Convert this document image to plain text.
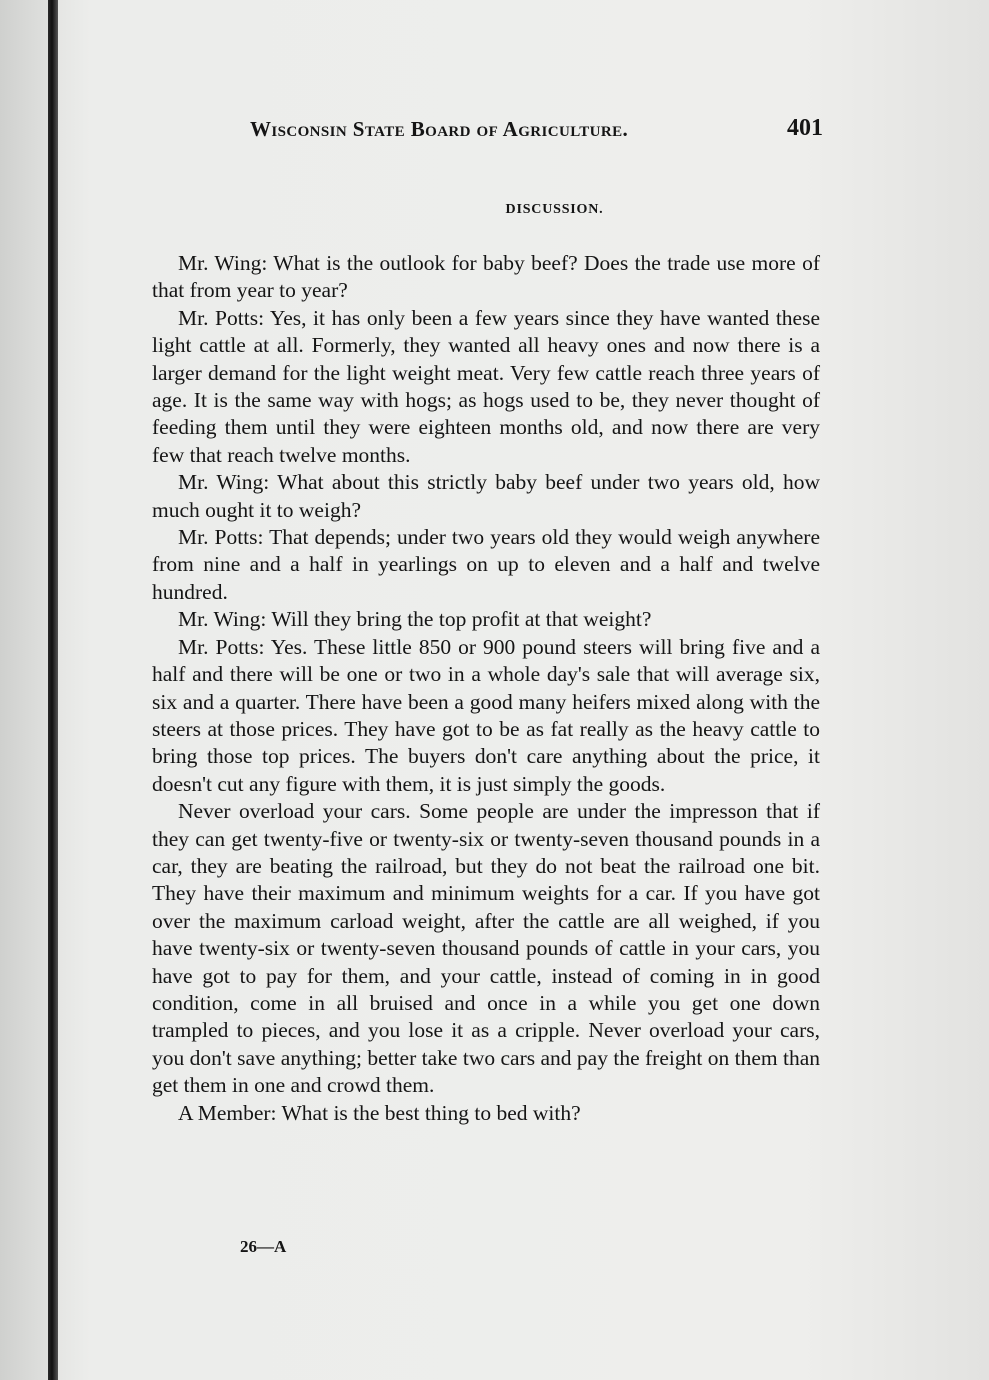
Wisconsin State Board of Agriculture.	401
DISCUSSION.

Mr. Wing: What is the outlook for baby beef? Does the trade use more of that from year to year?

Mr. Potts: Yes, it has only been a few years since they have wanted these light cattle at all. Formerly, they wanted all heavy ones and now there is a larger demand for the light weight meat. Very few cattle reach three years of age. It is the same way with hogs; as hogs used to be, they never thought of feeding them until they were eighteen months old, and now there are very few that reach twelve months.

Mr. Wing: What about this strictly baby beef under two years old, how much ought it to weigh?

Mr. Potts: That depends; under two years old they would weigh anywhere from nine and a half in yearlings on up to eleven and a half and twelve hundred.

Mr. Wing: Will they bring the top profit at that weight?

Mr. Potts: Yes. These little 850 or 900 pound steers will bring five and a half and there will be one or two in a whole day's sale that will average six, six and a quarter. There have been a good many heifers mixed along with the steers at those prices. They have got to be as fat really as the heavy cattle to bring those top prices. The buyers don't care anything about the price, it doesn't cut any figure with them, it is just simply the goods.

Never overload your cars. Some people are under the impresson that if they can get twenty-five or twenty-six or twenty-seven thousand pounds in a car, they are beating the railroad, but they do not beat the railroad one bit. They have their maximum and minimum weights for a car. If you have got over the maximum carload weight, after the cattle are all weighed, if you have twenty-six or twenty-seven thousand pounds of cattle in your cars, you have got to pay for them, and your cattle, instead of coming in in good condition, come in all bruised and once in a while you get one down trampled to pieces, and you lose it as a cripple. Never overload your cars, you don't save anything; better take two cars and pay the freight on them than get them in one and crowd them.

A Member: What is the best thing to bed with?

26—A
